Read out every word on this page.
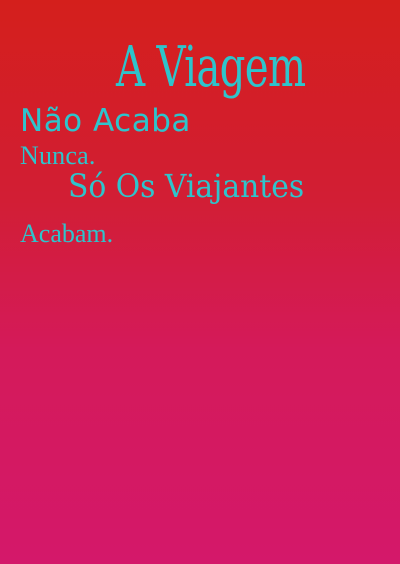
A Viagem

Não Acaba

Nunca.

Só Os Viajantes

Acabam.
